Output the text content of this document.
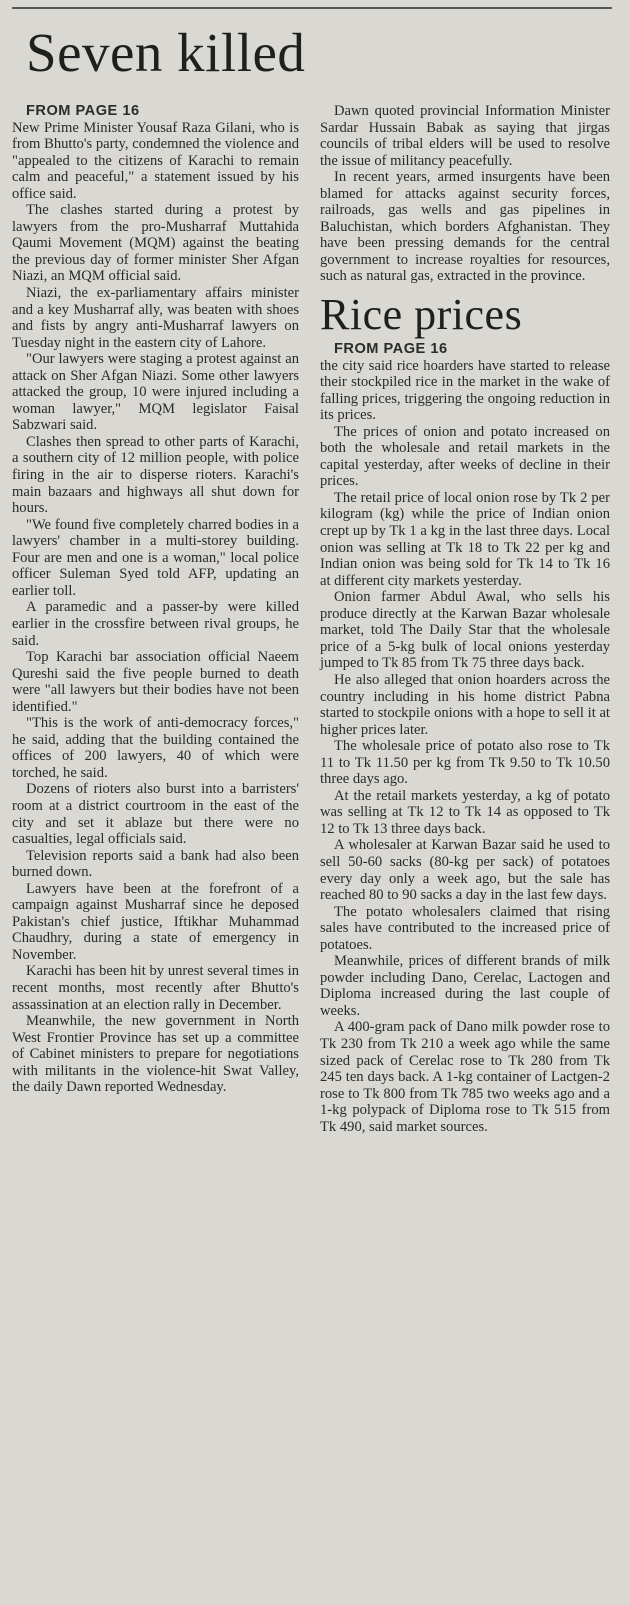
Seven killed

FROM PAGE 16

New Prime Minister Yousaf Raza Gilani, who is from Bhutto's party, condemned the violence and "appealed to the citizens of Karachi to remain calm and peaceful," a statement issued by his office said.

The clashes started during a protest by lawyers from the pro-Musharraf Muttahida Qaumi Movement (MQM) against the beating the previous day of former minister Sher Afgan Niazi, an MQM official said.

Niazi, the ex-parliamentary affairs minister and a key Musharraf ally, was beaten with shoes and fists by angry anti-Musharraf lawyers on Tuesday night in the eastern city of Lahore.

"Our lawyers were staging a protest against an attack on Sher Afgan Niazi. Some other lawyers attacked the group, 10 were injured including a woman lawyer," MQM legislator Faisal Sabzwari said.

Clashes then spread to other parts of Karachi, a southern city of 12 million people, with police firing in the air to disperse rioters. Karachi's main bazaars and highways all shut down for hours.

"We found five completely charred bodies in a lawyers' chamber in a multi-storey building. Four are men and one is a woman," local police officer Suleman Syed told AFP, updating an earlier toll.

A paramedic and a passer-by were killed earlier in the crossfire between rival groups, he said.

Top Karachi bar association official Naeem Qureshi said the five people burned to death were "all lawyers but their bodies have not been identified."

"This is the work of anti-democracy forces," he said, adding that the building contained the offices of 200 lawyers, 40 of which were torched, he said.

Dozens of rioters also burst into a barristers' room at a district courtroom in the east of the city and set it ablaze but there were no casualties, legal officials said.

Television reports said a bank had also been burned down.

Lawyers have been at the forefront of a campaign against Musharraf since he deposed Pakistan's chief justice, Iftikhar Muhammad Chaudhry, during a state of emergency in November.

Karachi has been hit by unrest several times in recent months, most recently after Bhutto's assassination at an election rally in December.

Meanwhile, the new government in North West Frontier Province has set up a committee of Cabinet ministers to prepare for negotiations with militants in the violence-hit Swat Valley, the daily Dawn reported Wednesday.

Dawn quoted provincial Information Minister Sardar Hussain Babak as saying that jirgas councils of tribal elders will be used to resolve the issue of militancy peacefully.

In recent years, armed insurgents have been blamed for attacks against security forces, railroads, gas wells and gas pipelines in Baluchistan, which borders Afghanistan. They have been pressing demands for the central government to increase royalties for resources, such as natural gas, extracted in the province.

Rice prices

FROM PAGE 16

the city said rice hoarders have started to release their stockpiled rice in the market in the wake of falling prices, triggering the ongoing reduction in its prices.

The prices of onion and potato increased on both the wholesale and retail markets in the capital yesterday, after weeks of decline in their prices.

The retail price of local onion rose by Tk 2 per kilogram (kg) while the price of Indian onion crept up by Tk 1 a kg in the last three days. Local onion was selling at Tk 18 to Tk 22 per kg and Indian onion was being sold for Tk 14 to Tk 16 at different city markets yesterday.

Onion farmer Abdul Awal, who sells his produce directly at the Karwan Bazar wholesale market, told The Daily Star that the wholesale price of a 5-kg bulk of local onions yesterday jumped to Tk 85 from Tk 75 three days back.

He also alleged that onion hoarders across the country including in his home district Pabna started to stockpile onions with a hope to sell it at higher prices later.

The wholesale price of potato also rose to Tk 11 to Tk 11.50 per kg from Tk 9.50 to Tk 10.50 three days ago.

At the retail markets yesterday, a kg of potato was selling at Tk 12 to Tk 14 as opposed to Tk 12 to Tk 13 three days back.

A wholesaler at Karwan Bazar said he used to sell 50-60 sacks (80-kg per sack) of potatoes every day only a week ago, but the sale has reached 80 to 90 sacks a day in the last few days.

The potato wholesalers claimed that rising sales have contributed to the increased price of potatoes.

Meanwhile, prices of different brands of milk powder including Dano, Cerelac, Lactogen and Diploma increased during the last couple of weeks.

A 400-gram pack of Dano milk powder rose to Tk 230 from Tk 210 a week ago while the same sized pack of Cerelac rose to Tk 280 from Tk 245 ten days back. A 1-kg container of Lactgen-2 rose to Tk 800 from Tk 785 two weeks ago and a 1-kg polypack of Diploma rose to Tk 515 from Tk 490, said market sources.
